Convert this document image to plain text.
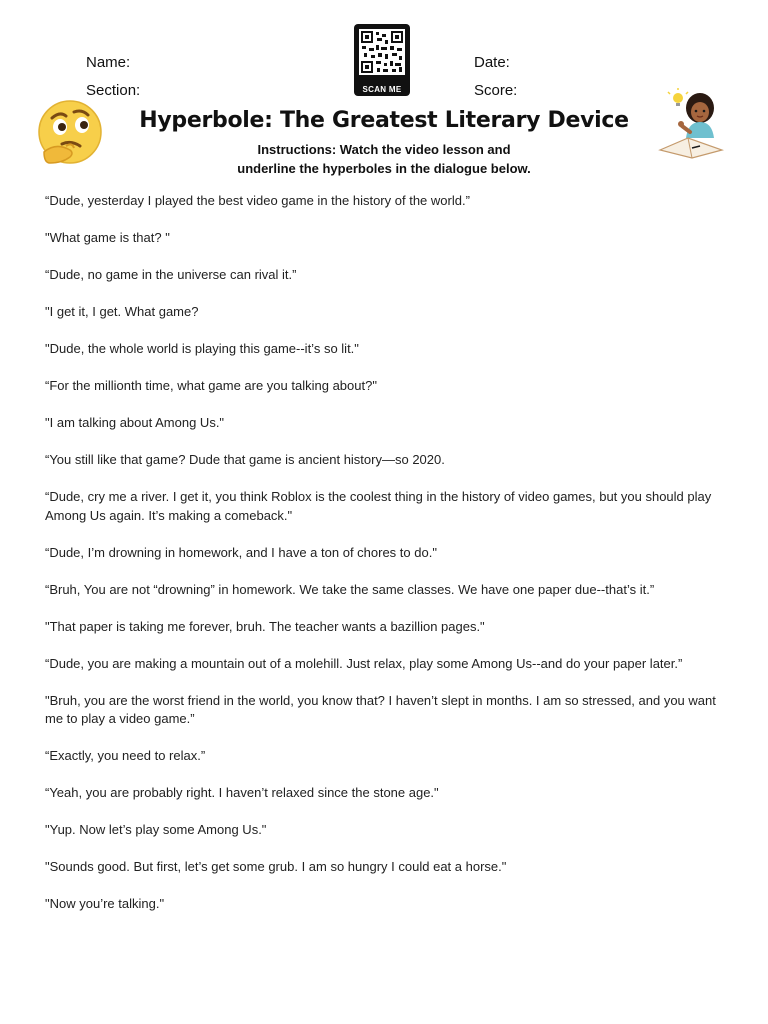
Name:
Section:
Date:
Score:
SCAN ME
Hyperbole: The Greatest Literary Device
Instructions: Watch the video lesson and
underline the hyperboles in the dialogue below.
“Dude, yesterday I played the best video game in the history of the world.”
"What game is that? "
“Dude, no game in the universe can rival it.”
"I get it, I get. What game?
"Dude, the whole world is playing this game--it’s so lit."
“For the millionth time, what game are you talking about?"
"I am talking about Among Us."
“You still like that game? Dude that game is ancient history—so 2020.
“Dude, cry me a river. I get it, you think Roblox is the coolest thing in the history of video games, but you should play Among Us again. It’s making a comeback."
“Dude, I’m drowning in homework, and I have a ton of chores to do."
“Bruh, You are not “drowning” in homework. We take the same classes. We have one paper due--that’s it.”
"That paper is taking me forever, bruh. The teacher wants a bazillion pages."
“Dude, you are making a mountain out of a molehill. Just relax, play some Among Us--and do your paper later.”
"Bruh, you are the worst friend in the world, you know that? I haven’t slept in months. I am so stressed, and you want me to play a video game.”
“Exactly, you need to relax.”
“Yeah, you are probably right. I haven’t relaxed since the stone age."
"Yup. Now let’s play some Among Us."
"Sounds good. But first, let’s get some grub. I am so hungry I could eat a horse."
"Now you’re talking."
